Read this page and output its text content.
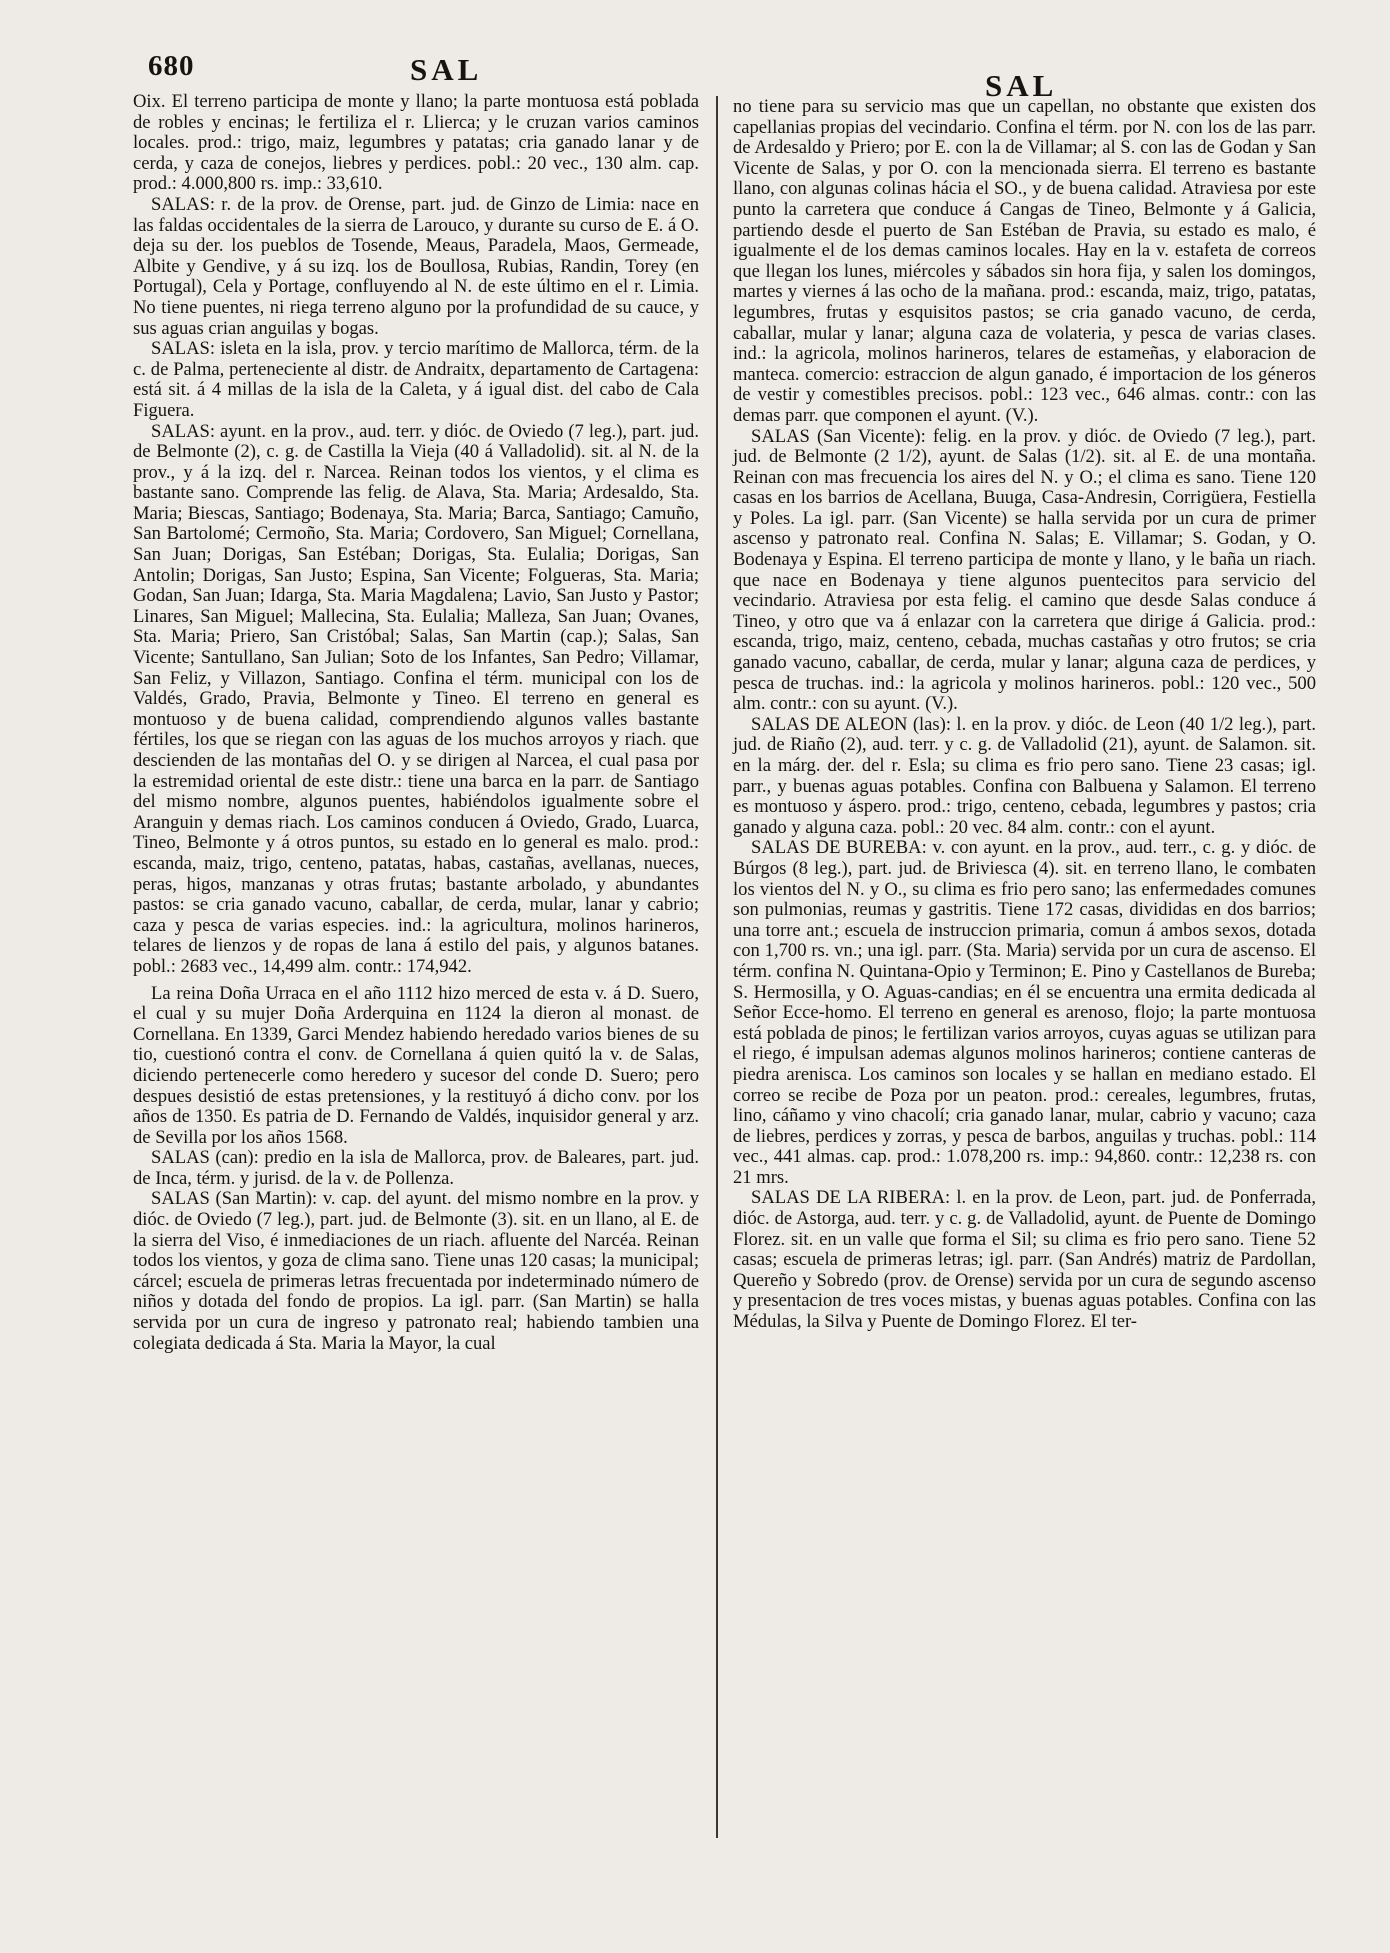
680	SAL	SAL

Oix. El terreno participa de monte y llano; la parte montuosa está poblada de robles y encinas; le fertiliza el r. Llierca; y le cruzan varios caminos locales. prod.: trigo, maiz, legumbres y patatas; cria ganado lanar y de cerda, y caza de conejos, liebres y perdices. pobl.: 20 vec., 130 alm. cap. prod.: 4.000,800 rs. imp.: 33,610.

SALAS: r. de la prov. de Orense, part. jud. de Ginzo de Limia: nace en las faldas occidentales de la sierra de Larouco, y durante su curso de E. á O. deja su der. los pueblos de Tosende, Meaus, Paradela, Maos, Germeade, Albite y Gendive, y á su izq. los de Boullosa, Rubias, Randin, Torey (en Portugal), Cela y Portage, confluyendo al N. de este último en el r. Limia. No tiene puentes, ni riega terreno alguno por la profundidad de su cauce, y sus aguas crian anguilas y bogas.

SALAS: isleta en la isla, prov. y tercio marítimo de Mallorca, térm. de la c. de Palma, perteneciente al distr. de Andraitx, departamento de Cartagena: está sit. á 4 millas de la isla de la Caleta, y á igual dist. del cabo de Cala Figuera.

SALAS: ayunt. en la prov., aud. terr. y dióc. de Oviedo (7 leg.), part. jud. de Belmonte (2), c. g. de Castilla la Vieja (40 á Valladolid). sit. al N. de la prov., y á la izq. del r. Narcea. Reinan todos los vientos, y el clima es bastante sano. Comprende las felig. de Alava, Sta. Maria; Ardesaldo, Sta. Maria; Biescas, Santiago; Bodenaya, Sta. Maria; Barca, Santiago; Camuño, San Bartolomé; Cermoño, Sta. Maria; Cordovero, San Miguel; Cornellana, San Juan; Dorigas, San Estéban; Dorigas, Sta. Eulalia; Dorigas, San Antolin; Dorigas, San Justo; Espina, San Vicente; Folgueras, Sta. Maria; Godan, San Juan; Idarga, Sta. Maria Magdalena; Lavio, San Justo y Pastor; Linares, San Miguel; Mallecina, Sta. Eulalia; Malleza, San Juan; Ovanes, Sta. Maria; Priero, San Cristóbal; Salas, San Martin (cap.); Salas, San Vicente; Santullano, San Julian; Soto de los Infantes, San Pedro; Villamar, San Feliz, y Villazon, Santiago. Confina el térm. municipal con los de Valdés, Grado, Pravia, Belmonte y Tineo. El terreno en general es montuoso y de buena calidad, comprendiendo algunos valles bastante fértiles, los que se riegan con las aguas de los muchos arroyos y riach. que descienden de las montañas del O. y se dirigen al Narcea, el cual pasa por la estremidad oriental de este distr.: tiene una barca en la parr. de Santiago del mismo nombre, algunos puentes, habiéndolos igualmente sobre el Aranguin y demas riach. Los caminos conducen á Oviedo, Grado, Luarca, Tineo, Belmonte y á otros puntos, su estado en lo general es malo. prod.: escanda, maiz, trigo, centeno, patatas, habas, castañas, avellanas, nueces, peras, higos, manzanas y otras frutas; bastante arbolado, y abundantes pastos: se cria ganado vacuno, caballar, de cerda, mular, lanar y cabrio; caza y pesca de varias especies. ind.: la agricultura, molinos harineros, telares de lienzos y de ropas de lana á estilo del pais, y algunos batanes. pobl.: 2683 vec., 14,499 alm. contr.: 174,942.

La reina Doña Urraca en el año 1112 hizo merced de esta v. á D. Suero, el cual y su mujer Doña Arderquina en 1124 la dieron al monast. de Cornellana. En 1339, Garci Mendez habiendo heredado varios bienes de su tio, cuestionó contra el conv. de Cornellana á quien quitó la v. de Salas, diciendo pertenecerle como heredero y sucesor del conde D. Suero; pero despues desistió de estas pretensiones, y la restituyó á dicho conv. por los años de 1350. Es patria de D. Fernando de Valdés, inquisidor general y arz. de Sevilla por los años 1568.

SALAS (can): predio en la isla de Mallorca, prov. de Baleares, part. jud. de Inca, térm. y jurisd. de la v. de Pollenza.

SALAS (San Martin): v. cap. del ayunt. del mismo nombre en la prov. y dióc. de Oviedo (7 leg.), part. jud. de Belmonte (3). sit. en un llano, al E. de la sierra del Viso, é inmediaciones de un riach. afluente del Narcéa. Reinan todos los vientos, y goza de clima sano. Tiene unas 120 casas; la municipal; cárcel; escuela de primeras letras frecuentada por indeterminado número de niños y dotada del fondo de propios. La igl. parr. (San Martin) se halla servida por un cura de ingreso y patronato real; habiendo tambien una colegiata dedicada á Sta. Maria la Mayor, la cual

no tiene para su servicio mas que un capellan, no obstante que existen dos capellanias propias del vecindario. Confina el térm. por N. con los de las parr. de Ardesaldo y Priero; por E. con la de Villamar; al S. con las de Godan y San Vicente de Salas, y por O. con la mencionada sierra. El terreno es bastante llano, con algunas colinas hácia el SO., y de buena calidad. Atraviesa por este punto la carretera que conduce á Cangas de Tineo, Belmonte y á Galicia, partiendo desde el puerto de San Estéban de Pravia, su estado es malo, é igualmente el de los demas caminos locales. Hay en la v. estafeta de correos que llegan los lunes, miércoles y sábados sin hora fija, y salen los domingos, martes y viernes á las ocho de la mañana. prod.: escanda, maiz, trigo, patatas, legumbres, frutas y esquisitos pastos; se cria ganado vacuno, de cerda, caballar, mular y lanar; alguna caza de volateria, y pesca de varias clases. ind.: la agricola, molinos harineros, telares de estameñas, y elaboracion de manteca. comercio: estraccion de algun ganado, é importacion de los géneros de vestir y comestibles precisos. pobl.: 123 vec., 646 almas. contr.: con las demas parr. que componen el ayunt. (V.).

SALAS (San Vicente): felig. en la prov. y dióc. de Oviedo (7 leg.), part. jud. de Belmonte (2 1/2), ayunt. de Salas (1/2). sit. al E. de una montaña. Reinan con mas frecuencia los aires del N. y O.; el clima es sano. Tiene 120 casas en los barrios de Acellana, Buuga, Casa-Andresin, Corrigüera, Festiella y Poles. La igl. parr. (San Vicente) se halla servida por un cura de primer ascenso y patronato real. Confina N. Salas; E. Villamar; S. Godan, y O. Bodenaya y Espina. El terreno participa de monte y llano, y le baña un riach. que nace en Bodenaya y tiene algunos puentecitos para servicio del vecindario. Atraviesa por esta felig. el camino que desde Salas conduce á Tineo, y otro que va á enlazar con la carretera que dirige á Galicia. prod.: escanda, trigo, maiz, centeno, cebada, muchas castañas y otro frutos; se cria ganado vacuno, caballar, de cerda, mular y lanar; alguna caza de perdices, y pesca de truchas. ind.: la agricola y molinos harineros. pobl.: 120 vec., 500 alm. contr.: con su ayunt. (V.).

SALAS DE ALEON (las): l. en la prov. y dióc. de Leon (40 1/2 leg.), part. jud. de Riaño (2), aud. terr. y c. g. de Valladolid (21), ayunt. de Salamon. sit. en la márg. der. del r. Esla; su clima es frio pero sano. Tiene 23 casas; igl. parr., y buenas aguas potables. Confina con Balbuena y Salamon. El terreno es montuoso y áspero. prod.: trigo, centeno, cebada, legumbres y pastos; cria ganado y alguna caza. pobl.: 20 vec. 84 alm. contr.: con el ayunt.

SALAS DE BUREBA: v. con ayunt. en la prov., aud. terr., c. g. y dióc. de Búrgos (8 leg.), part. jud. de Briviesca (4). sit. en terreno llano, le combaten los vientos del N. y O., su clima es frio pero sano; las enfermedades comunes son pulmonias, reumas y gastritis. Tiene 172 casas, divididas en dos barrios; una torre ant.; escuela de instruccion primaria, comun á ambos sexos, dotada con 1,700 rs. vn.; una igl. parr. (Sta. Maria) servida por un cura de ascenso. El térm. confina N. Quintana-Opio y Terminon; E. Pino y Castellanos de Bureba; S. Hermosilla, y O. Aguas-candias; en él se encuentra una ermita dedicada al Señor Ecce-homo. El terreno en general es arenoso, flojo; la parte montuosa está poblada de pinos; le fertilizan varios arroyos, cuyas aguas se utilizan para el riego, é impulsan ademas algunos molinos harineros; contiene canteras de piedra arenisca. Los caminos son locales y se hallan en mediano estado. El correo se recibe de Poza por un peaton. prod.: cereales, legumbres, frutas, lino, cáñamo y vino chacolí; cria ganado lanar, mular, cabrio y vacuno; caza de liebres, perdices y zorras, y pesca de barbos, anguilas y truchas. pobl.: 114 vec., 441 almas. cap. prod.: 1.078,200 rs. imp.: 94,860. contr.: 12,238 rs. con 21 mrs.

SALAS DE LA RIBERA: l. en la prov. de Leon, part. jud. de Ponferrada, dióc. de Astorga, aud. terr. y c. g. de Valladolid, ayunt. de Puente de Domingo Florez. sit. en un valle que forma el Sil; su clima es frio pero sano. Tiene 52 casas; escuela de primeras letras; igl. parr. (San Andrés) matriz de Pardollan, Quereño y Sobredo (prov. de Orense) servida por un cura de segundo ascenso y presentacion de tres voces mistas, y buenas aguas potables. Confina con las Médulas, la Silva y Puente de Domingo Florez. El ter-
